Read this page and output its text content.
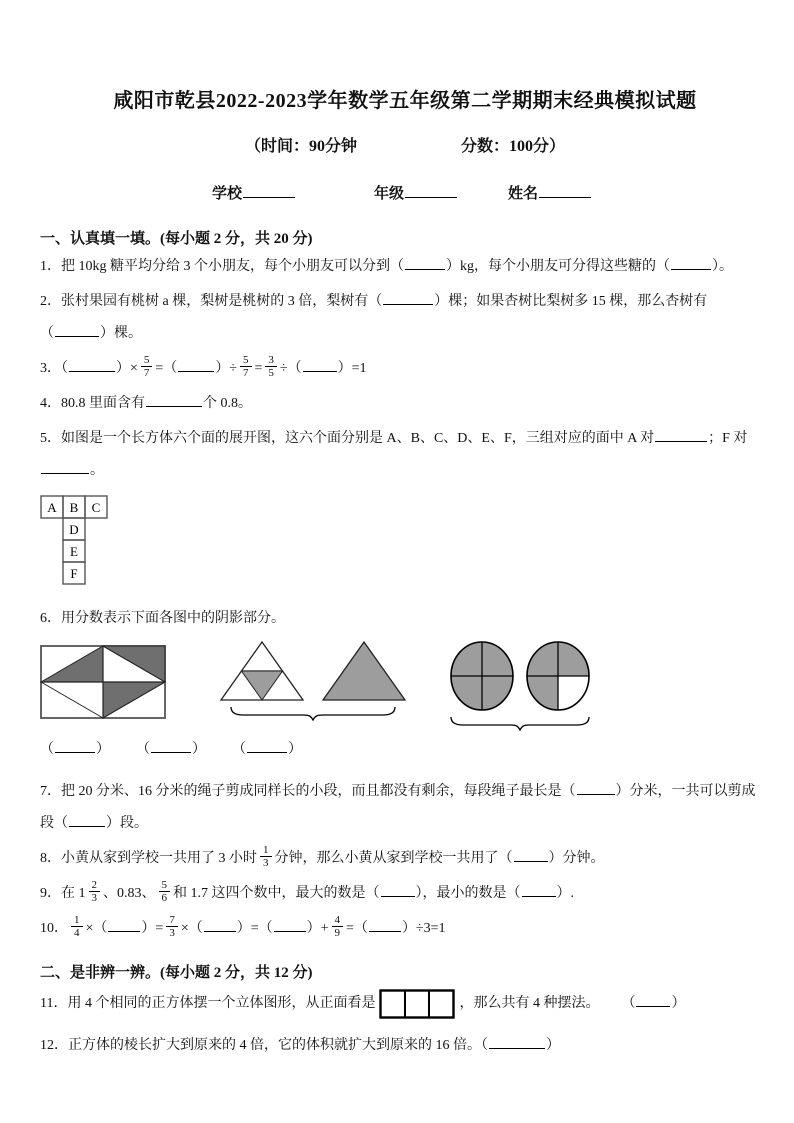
咸阳市乾县2022-2023学年数学五年级第二学期期末经典模拟试题
（时间：90分钟	分数：100分）
学校	年级	姓名
一、认真填一填。(每小题 2 分，共 20 分)
1．把 10kg 糖平均分给 3 个小朋友，每个小朋友可以分到（	）kg，每个小朋友可分得这些糖的（	）。
2．张村果园有桃树 a 棵，梨树是桃树的 3 倍，梨树有（	）棵；如果杏树比梨树多 15 棵，那么杏树有
（	）棵。
3．（	）× $\frac{5}{7}$ =（	）÷ $\frac{5}{7} = \frac{3}{5}$ ÷（	）=1
4．80.8 里面含有	个 0.8。
5．如图是一个长方体六个面的展开图，这六个面分别是 A、B、C、D、E、F，三组对应的面中 A 对	；F 对
。
A B C
D
E
F
6．用分数表示下面各图中的阴影部分。
（	） （	） （	）
7．把 20 分米、16 分米的绳子剪成同样长的小段，而且都没有剩余，每段绳子最长是（	）分米，一共可以剪成
段（	）段。
8．小黄从家到学校一共用了 3 小时 $\frac{1}{3}$ 分钟，那么小黄从家到学校一共用了（	）分钟。
9．在 $1 \frac{2}{3}$ 、0.83、 $\frac{5}{6}$ 和 1.7 这四个数中，最大的数是（	），最小的数是（	）.
10． $\frac{1}{4}$ ×（ ）= $\frac{7}{3}$ ×（ ）=（ ）+ $\frac{4}{9}$ =（ ）÷3=1
二、是非辨一辨。(每小题 2 分，共 12 分)
11．用 4 个相同的正方体摆一个立体图形，从正面看是	，那么共有 4 种摆法。 （	）
12．正方体的棱长扩大到原来的 4 倍，它的体积就扩大到原来的 16 倍。（	）
